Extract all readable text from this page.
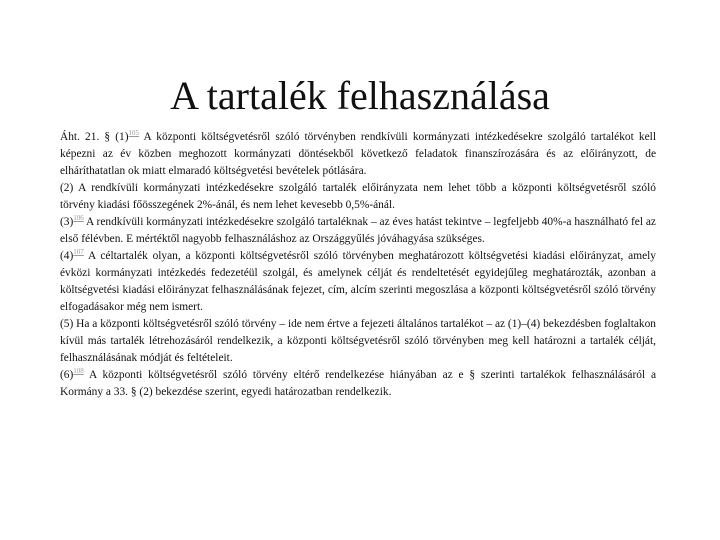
A tartalék felhasználása

Áht. 21. § (1)$^{105}$ A központi költségvetésről szóló törvényben rendkívüli kormányzati intézkedésekre szolgáló tartalékot kell képezni az év közben meghozott kormányzati döntésekből következő feladatok finanszírozására és az előirányzott, de elháríthatatlan ok miatt elmaradó költségvetési bevételek pótlására.

(2) A rendkívüli kormányzati intézkedésekre szolgáló tartalék előirányzata nem lehet több a központi költségvetésről szóló törvény kiadási főösszegének 2%-ánál, és nem lehet kevesebb 0,5%-ánál.

(3)$^{106}$ A rendkívüli kormányzati intézkedésekre szolgáló tartaléknak – az éves hatást tekintve – legfeljebb 40%-a használható fel az első félévben. E mértéktől nagyobb felhasználáshoz az Országgyűlés jóváhagyása szükséges.

(4)$^{107}$ A céltartalék olyan, a központi költségvetésről szóló törvényben meghatározott költségvetési kiadási előirányzat, amely évközi kormányzati intézkedés fedezetéül szolgál, és amelynek célját és rendeltetését egyidejűleg meghatározták, azonban a költségvetési kiadási előirányzat felhasználásának fejezet, cím, alcím szerinti megoszlása a központi költségvetésről szóló törvény elfogadásakor még nem ismert.

(5) Ha a központi költségvetésről szóló törvény – ide nem értve a fejezeti általános tartalékot – az (1)–(4) bekezdésben foglaltakon kívül más tartalék létrehozásáról rendelkezik, a központi költségvetésről szóló törvényben meg kell határozni a tartalék célját, felhasználásának módját és feltételeit.

(6)$^{108}$ A központi költségvetésről szóló törvény eltérő rendelkezése hiányában az e § szerinti tartalékok felhasználásáról a Kormány a 33. § (2) bekezdése szerint, egyedi határozatban rendelkezik.
